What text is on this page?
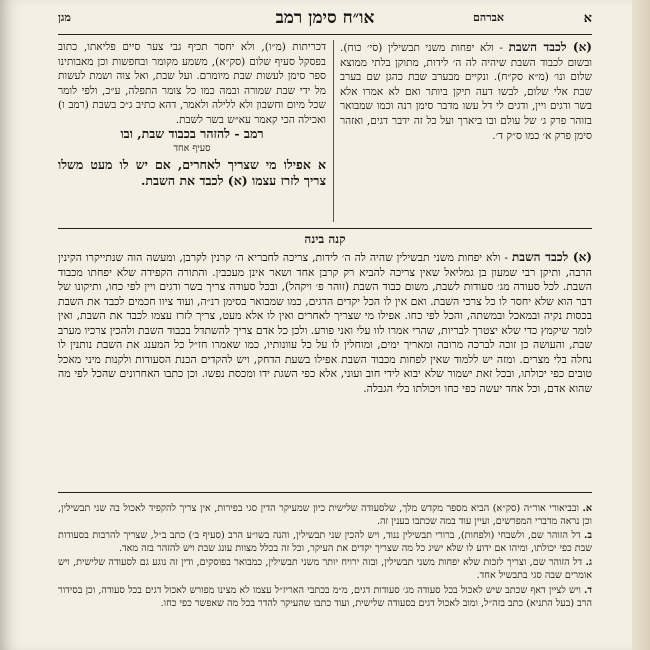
א
אברהם
או״ח סימן רמב
מגן
(א) לכבד השבת - ולא יפחות משני תבשילין (סי׳ כוח). ובשום לכבוד השבת שיהיה לה ה׳ לידות, מתוקן בלתי ממוצא שלום ונו׳ (מ״א סק״ח). ונקיים מבערב שבת כהגן שם בערב שבת אלי שלום, לבשו דעה תיקן ביותר ואם לא אמרו אלא בשר ודגים ויין, ודגים לי דל עשו מדבר סימן רנה וכמו שמבואר בזוהר פרק ג׳ של עולם ובו ביארך ועל כל זה ידבר דגים, ואזהר סימן פרק א׳ כמו ס״ק ד׳.
דכריתות (מ״ו), ולא יחסר תכיף גבי צער סיים פליאתו, כתוב בפסקל סעיף שלום (סק״א), משמע מקומר ובחפשות וכן מאבותינו ספר סימן לעשות שבת מיומרם. ועל שבת, ואל צוה ושמת לעשות מל ידי שבת שמורה ובמה כמו כל צומר התפלה, ע״כ, ולפי לומר שכל מיום וחשבון ולא ללילה ולאמר, דהא כתיב ג״כ בשבת (רמב ו) ואכילה הכי קאמר עא״ש בשר לשבת.
רמב - להזהר בכבוד שבת, ובו
סעיף אחד
א אפילו מי שצריך לאחרים, אם יש לו מעט משלו צריך לזרז עצמו (א) לכבד את השבת.
קנה בינה
(א) לכבד השבת - ולא יפחות משני תבשילין שהיה לה ה׳ לידות, צריכה לחבריא ה׳ קרנין לקרבן, ומעשה הוה שנתייקרו הקינין הרבה, ותיקן רבי שמעון בן גמליאל שאין צריכה להביא רק קרבן אחד ושאר אינן מעכבין. והתורה הקפידה שלא יפחתו מכבוד השבת. לכל סעודה מג׳ סעודות לשבת, משום כבוד השבת (זוהר פ׳ ויקהל), ובכל סעודה צריך בשר ודגים ויין לפי כחו, ותיקונו של דבר הוא שלא יחסר לו כל צרכי השבת. ואם אין לו הכל יקדים הדגים, כמו שמבואר בסימן רנ״ה, ועוד ציוו חכמים לכבד את השבת בכסות נקיה ובמאכל ובמשתה, והכל לפי כחו. אפילו מי שצריך לאחרים ואין לו אלא מעט, צריך לזרז עצמו לכבד את השבת, ואין לומר שיקמץ כדי שלא יצטרך לבריות, שהרי אמרו לוו עלי ואני פורע. ולכן כל אדם צריך להשתדל בכבוד השבת ולהכין צרכיו מערב שבת, והעושה כן זוכה לברכה מרובה ומאריך ימים, ומוחלין לו על כל עוונותיו, כמו שאמרו חז״ל כל המענג את השבת נותנין לו נחלה בלי מצרים. ומזה יש ללמוד שאין לפחות מכבוד השבת אפילו בשעת הדחק, ויש להקדים הכנת הסעודות ולקנות מיני מאכל טובים כפי יכולתו, ובכל זאת ישמור שלא יבוא לידי חוב ועוני, אלא כפי השגת ידו ומכסת נפשו. וכן כתבו האחרונים שהכל לפי מה שהוא אדם, וכל אחד יעשה כפי כחו ויכולתו בלי הגבלה.

א. ובביאורי אור״ה (סק״א) הביא מספר מקדש מלך, שלסעודה שלישית כיון שמעיקר הדין סגי בפירות, אין צריך להקפיד לאכול בה שני תבשילין, וכן נראה מדברי המפרשים, ועיין עוד במה שכתבו בענין זה.

ב. דל הזוהר שם, ולשבחי (ולפחות), ברורי תבשילין ננוד, ויש להכין שני תבשילין, והנה בשו״ע הרב (סעיף ב׳) כתב ב״ל, שצריך להרבות בסעודות שבת כפי יכולתו, ומיהו אם ידוע לו שלא ישיג כל מה שצריך יקדים את העיקר, וכל זה בכלל מצוות עונג שבת ויש להזהר בזה מאד.

ג. דל הזוהר שם, וצריך לזכות שלא יפחות משני תבשילין, ובזה ירויח יותר משני תבשילין, כמבואר בפוסקים, ודין זה נוגע גם לסעודה שלישית, ויש אומרים שבה סגי בתבשיל אחד.

ד. ויש לציין דאף שכתב שיש לאכול בכל סעודה מג׳ סעודות דגים, מ״מ בכתבי האריז״ל עצמו לא מצינו מפורש לאכול דגים בכל סעודה, וכן בסידור הרב (בעל התניא) כתב בזה״ל, ומוב לאכול דגים בסעודה שלישית, ועוד כתבו שהעיקר להדר בכל מה שאפשר כפי כחו.
